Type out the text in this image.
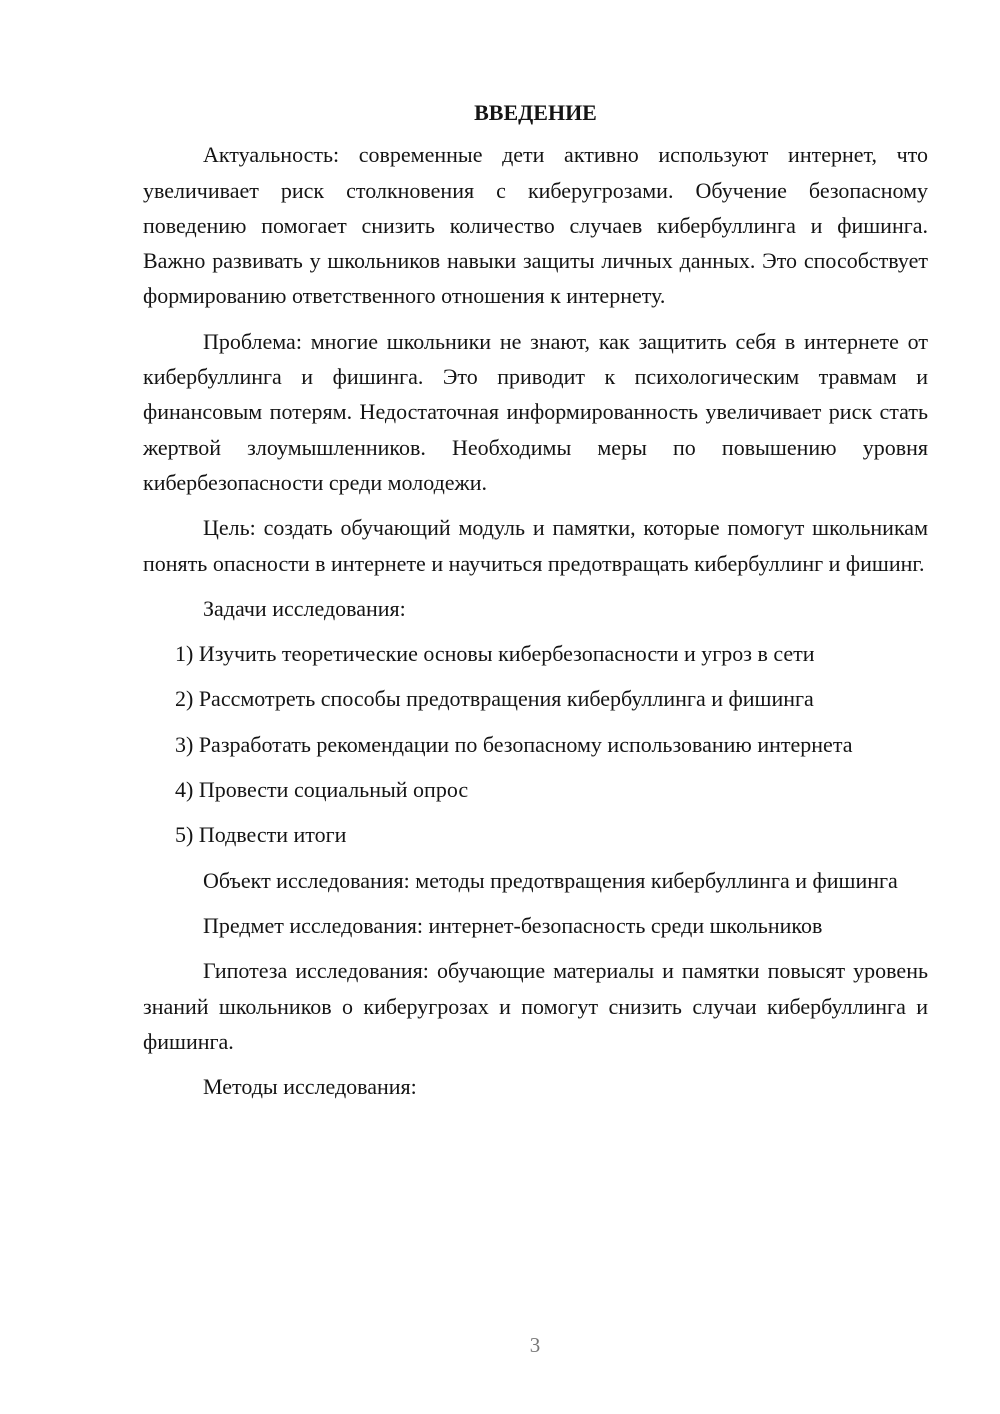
ВВЕДЕНИЕ

Актуальность: современные дети активно используют интернет, что увеличивает риск столкновения с киберугрозами. Обучение безопасному поведению помогает снизить количество случаев кибербуллинга и фишинга. Важно развивать у школьников навыки защиты личных данных. Это способствует формированию ответственного отношения к интернету.

Проблема: многие школьники не знают, как защитить себя в интернете от кибербуллинга и фишинга. Это приводит к психологическим травмам и финансовым потерям. Недостаточная информированность увеличивает риск стать жертвой злоумышленников. Необходимы меры по повышению уровня кибербезопасности среди молодежи.

Цель: создать обучающий модуль и памятки, которые помогут школьникам понять опасности в интернете и научиться предотвращать кибербуллинг и фишинг.

Задачи исследования:

1) Изучить теоретические основы кибербезопасности и угроз в сети

2) Рассмотреть способы предотвращения кибербуллинга и фишинга

3) Разработать рекомендации по безопасному использованию интернета

4) Провести социальный опрос

5) Подвести итоги

Объект исследования: методы предотвращения кибербуллинга и фишинга

Предмет исследования: интернет-безопасность среди школьников

Гипотеза исследования: обучающие материалы и памятки повысят уровень знаний школьников о киберугрозах и помогут снизить случаи кибербуллинга и фишинга.

Методы исследования:

3
